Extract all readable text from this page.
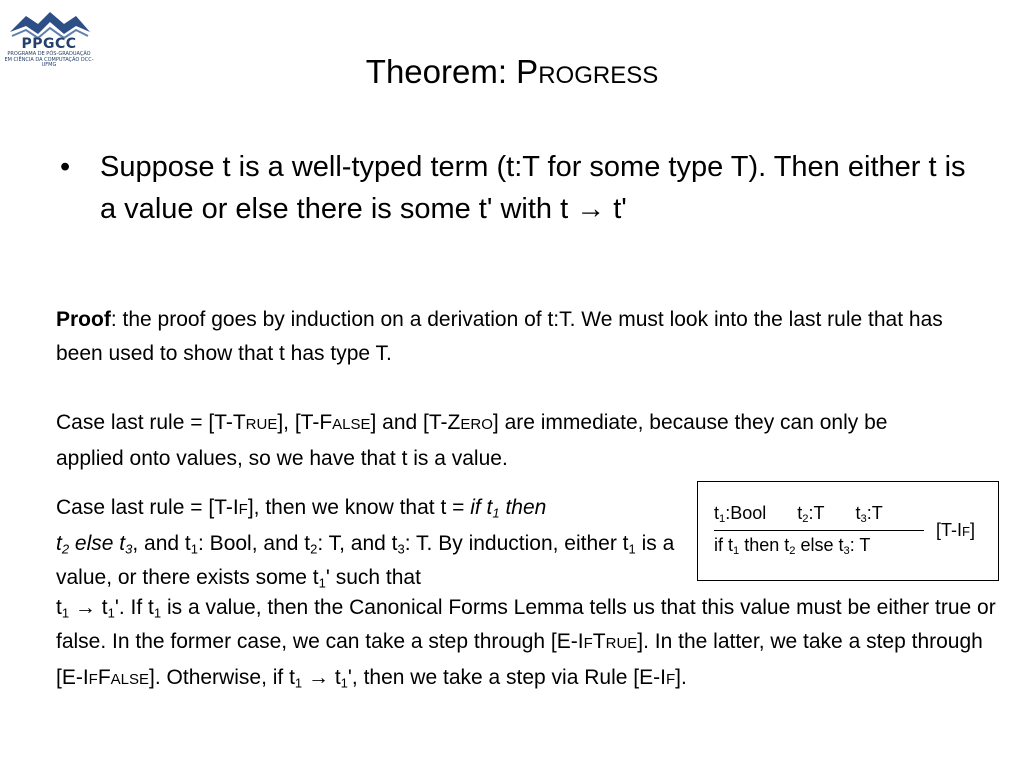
PPGCC
PROGRAMA DE PÓS-GRADUAÇÃO EM CIÊNCIA DA COMPUTAÇÃO DCC-UFMG	Theorem: PROGRESS
• Suppose t is a well-typed term (t:T for some type T). Then either t is a value or else there is some t' with t → t'
Proof: the proof goes by induction on a derivation of t:T. We must look into the last rule that has been used to show that t has type T.
Case last rule = [T-TRUE], [T-FALSE] and [T-ZERO] are immediate, because they can only be applied onto values, so we have that t is a value.
Case last rule = [T-IF], then we know that t = if $t_1$ then
$t_2$ else $t_3$, and $t_1$: Bool, and $t_2$: T, and $t_3$: T. By induction, either $t_1$ is a value, or there exists some $t_1'$ such that
$t_1 \to t_1'$. If $t_1$ is a value, then the Canonical Forms Lemma tells us that this value must be either true or false. In the former case, we can take a step through [E-IFTRUE]. In the latter, we take a step through [E-IFFALSE]. Otherwise, if $t_1 \to t_1'$, then we take a step via Rule [E-IF].
$t_1:Bool$ $t_2:T$ $t_3:T$
if $t_1$ then $t_2$ else $t_3$: T
[T-IF]
